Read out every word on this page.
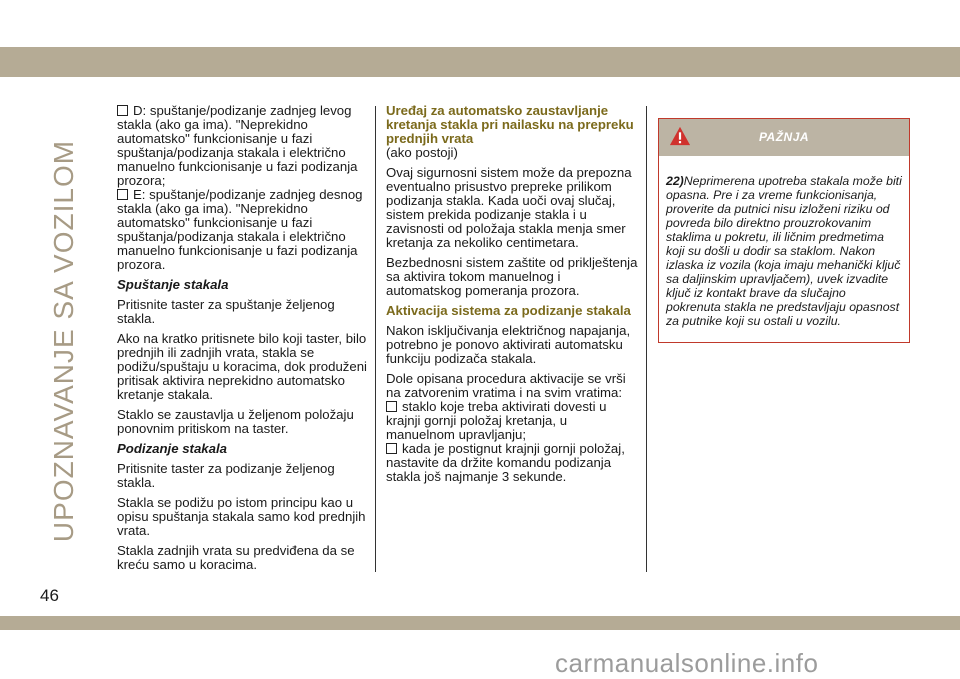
UPOZNAVANJE SA VOZILOM

D: spuštanje/podizanje zadnjeg levog stakla (ako ga ima). "Neprekidno automatsko" funkcionisanje u fazi spuštanja/podizanja stakala i električno manuelno funkcionisanje u fazi podizanja prozora;

E: spuštanje/podizanje zadnjeg desnog stakla (ako ga ima). "Neprekidno automatsko" funkcionisanje u fazi spuštanja/podizanja stakala i električno manuelno funkcionisanje u fazi podizanja prozora.

Spuštanje stakala

Pritisnite taster za spuštanje željenog stakla.

Ako na kratko pritisnete bilo koji taster, bilo prednjih ili zadnjih vrata, stakla se podižu/spuštaju u koracima, dok produženi pritisak aktivira neprekidno automatsko kretanje stakala.

Staklo se zaustavlja u željenom položaju ponovnim pritiskom na taster.

Podizanje stakala

Pritisnite taster za podizanje željenog stakla.

Stakla se podižu po istom principu kao u opisu spuštanja stakala samo kod prednjih vrata.

Stakla zadnjih vrata su predviđena da se kreću samo u koracima.

Uređaj za automatsko zaustavljanje kretanja stakla pri nailasku na prepreku prednjih vrata

(ako postoji)

Ovaj sigurnosni sistem može da prepozna eventualno prisustvo prepreke prilikom podizanja stakla. Kada uoči ovaj slučaj, sistem prekida podizanje stakla i u zavisnosti od položaja stakla menja smer kretanja za nekoliko centimetara.

Bezbednosni sistem zaštite od priklještenja sa aktivira tokom manuelnog i automatskog pomeranja prozora.

Aktivacija sistema za podizanje stakala

Nakon isključivanja električnog napajanja, potrebno je ponovo aktivirati automatsku funkciju podizača stakala.

Dole opisana procedura aktivacije se vrši na zatvorenim vratima i na svim vratima:

staklo koje treba aktivirati dovesti u krajnji gornji položaj kretanja, u manuelnom upravljanju;

kada je postignut krajnji gornji položaj, nastavite da držite komandu podizanja stakla još najmanje 3 sekunde.

PAŽNJA
22)Neprimerena upotreba stakala može biti opasna. Pre i za vreme funkcionisanja, proverite da putnici nisu izloženi riziku od povreda bilo direktno prouzrokovanim staklima u pokretu, ili ličnim predmetima koji su došli u dodir sa staklom. Nakon izlaska iz vozila (koja imaju mehanički ključ sa daljinskim upravljačem), uvek izvadite ključ iz kontakt brave da slučajno pokrenuta stakla ne predstavljaju opasnost za putnike koji su ostali u vozilu.
46
carmanualsonline.info
